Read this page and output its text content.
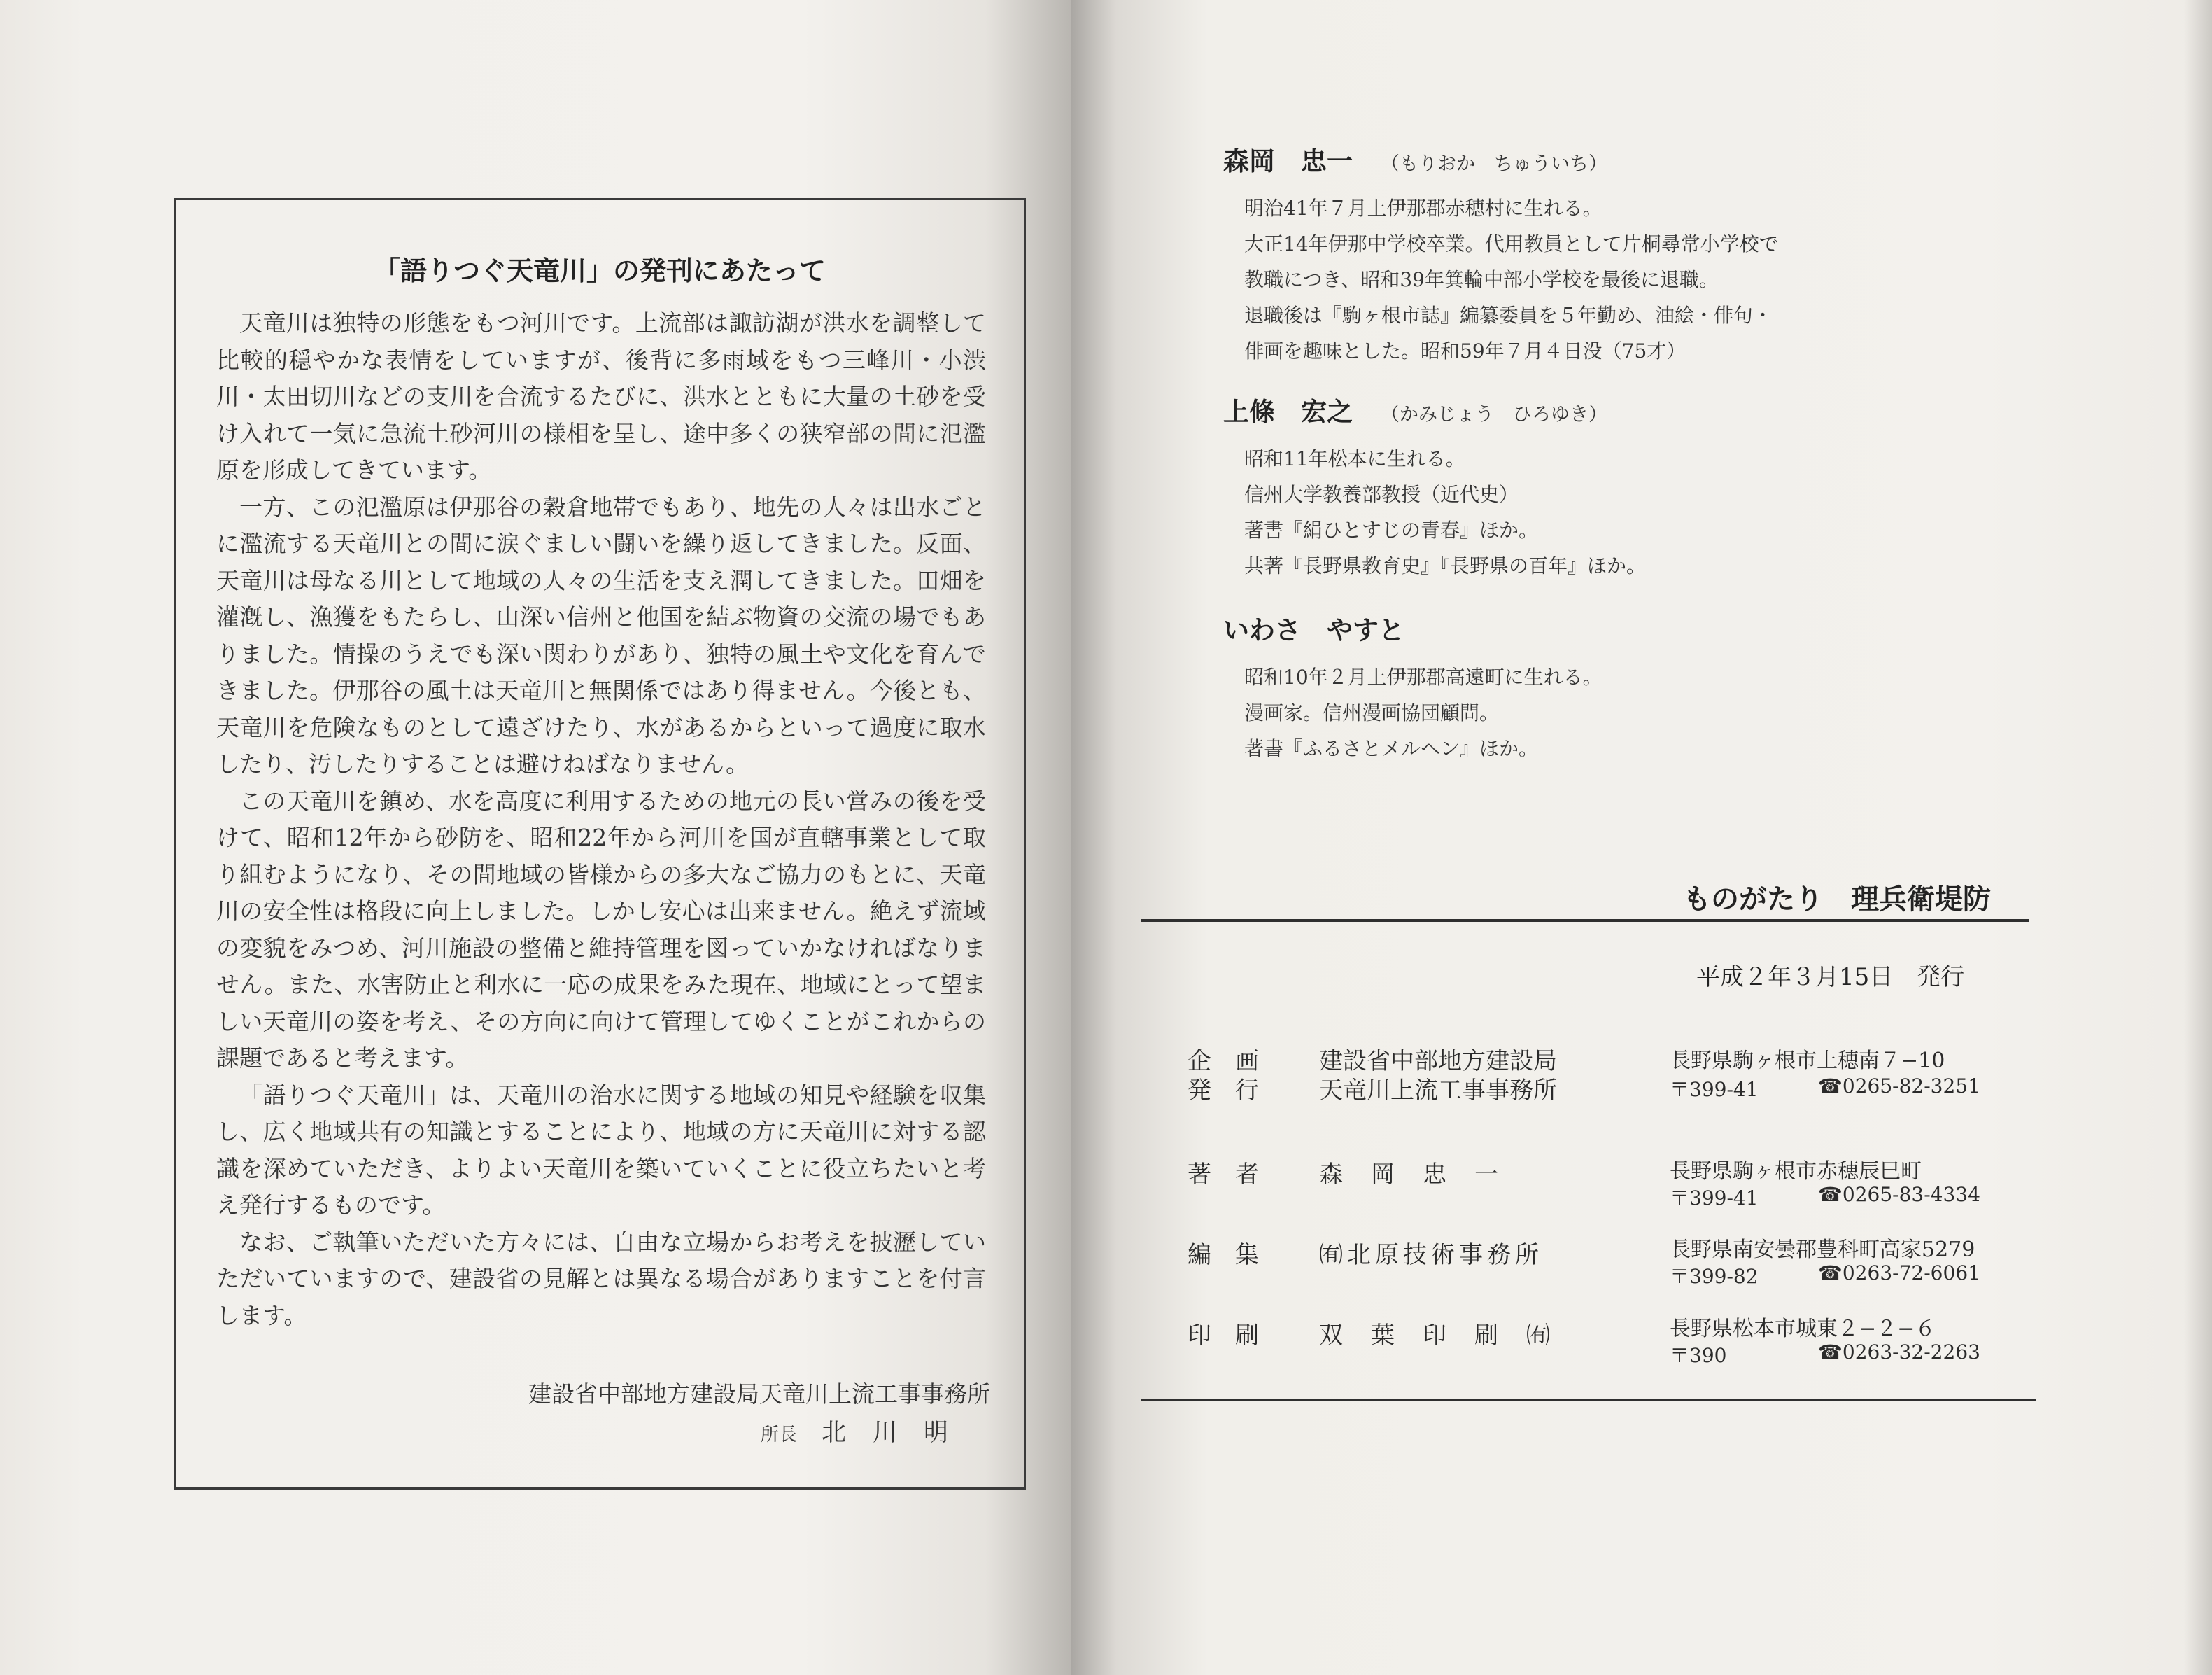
「語りつぐ天竜川」の発刊にあたって

天竜川は独特の形態をもつ河川です。上流部は諏訪湖が洪水を調整して比較的穏やかな表情をしていますが、後背に多雨域をもつ三峰川・小渋川・太田切川などの支川を合流するたびに、洪水とともに大量の土砂を受け入れて一気に急流土砂河川の様相を呈し、途中多くの狭窄部の間に氾濫原を形成してきています。

一方、この氾濫原は伊那谷の穀倉地帯でもあり、地先の人々は出水ごとに濫流する天竜川との間に涙ぐましい闘いを繰り返してきました。反面、天竜川は母なる川として地域の人々の生活を支え潤してきました。田畑を灌漑し、漁獲をもたらし、山深い信州と他国を結ぶ物資の交流の場でもありました。情操のうえでも深い関わりがあり、独特の風土や文化を育んできました。伊那谷の風土は天竜川と無関係ではあり得ません。今後とも、天竜川を危険なものとして遠ざけたり、水があるからといって過度に取水したり、汚したりすることは避けねばなりません。

この天竜川を鎮め、水を高度に利用するための地元の長い営みの後を受けて、昭和12年から砂防を、昭和22年から河川を国が直轄事業として取り組むようになり、その間地域の皆様からの多大なご協力のもとに、天竜川の安全性は格段に向上しました。しかし安心は出来ません。絶えず流域の変貌をみつめ、河川施設の整備と維持管理を図っていかなければなりません。また、水害防止と利水に一応の成果をみた現在、地域にとって望ましい天竜川の姿を考え、その方向に向けて管理してゆくことがこれからの課題であると考えます。

「語りつぐ天竜川」は、天竜川の治水に関する地域の知見や経験を収集し、広く地域共有の知識とすることにより、地域の方に天竜川に対する認識を深めていただき、よりよい天竜川を築いていくことに役立ちたいと考え発行するものです。

なお、ご執筆いただいた方々には、自由な立場からお考えを披瀝していただいていますので、建設省の見解とは異なる場合がありますことを付言します。

建設省中部地方建設局天竜川上流工事事務所
所長 北川明
森岡　忠一 （もりおか　ちゅういち）
明治41年７月上伊那郡赤穂村に生れる。
大正14年伊那中学校卒業。代用教員として片桐尋常小学校で
教職につき、昭和39年箕輪中部小学校を最後に退職。
退職後は『駒ヶ根市誌』編纂委員を５年勤め、油絵・俳句・
俳画を趣味とした。昭和59年７月４日没（75才）
上條　宏之 （かみじょう　ひろゆき）
昭和11年松本に生れる。
信州大学教養部教授（近代史）
著書『絹ひとすじの青春』ほか。
共著『長野県教育史』『長野県の百年』ほか。
いわさ　やすと
昭和10年２月上伊那郡高遠町に生れる。
漫画家。信州漫画協団顧問。
著書『ふるさとメルヘン』ほか。
ものがたり　理兵衛堤防
平成２年３月15日　発行
企画 建設省中部地方建設局	長野県駒ヶ根市上穂南７−10
発行 天竜川上流工事事務所	〒399-41	☎0265-82-3251
著者 森岡忠一	長野県駒ヶ根市赤穂辰巳町
〒399-41	☎0265-83-4334
編集 ㈲北原技術事務所	長野県南安曇郡豊科町高家5279
〒399-82	☎0263-72-6061
印刷 双葉印刷㈲	長野県松本市城東２−２−６
〒390	☎0263-32-2263
